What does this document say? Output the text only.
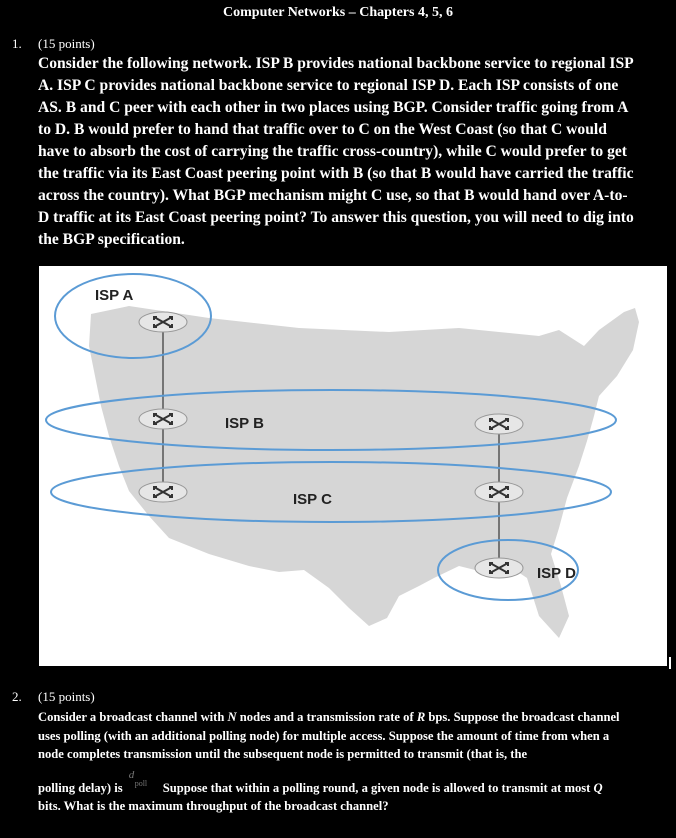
Computer Networks – Chapters 4, 5, 6
1. (15 points)

Consider the following network. ISP B provides national backbone service to regional ISP A. ISP C provides national backbone service to regional ISP D. Each ISP consists of one AS. B and C peer with each other in two places using BGP. Consider traffic going from A to D. B would prefer to hand that traffic over to C on the West Coast (so that C would have to absorb the cost of carrying the traffic cross-country), while C would prefer to get the traffic via its East Coast peering point with B (so that B would have carried the traffic across the country). What BGP mechanism might C use, so that B would hand over A-to-D traffic at its East Coast peering point? To answer this question, you will need to dig into the BGP specification.

ISP A
ISP B
ISP C
ISP D
2. (15 points)

Consider a broadcast channel with N nodes and a transmission rate of R bps. Suppose the broadcast channel uses polling (with an additional polling node) for multiple access. Suppose the amount of time from when a node completes transmission until the subsequent node is permitted to transmit (that is, the

polling delay) is
d
poll Suppose that within a polling round, a given node is allowed to transmit at most Q
bits. What is the maximum throughput of the broadcast channel?
